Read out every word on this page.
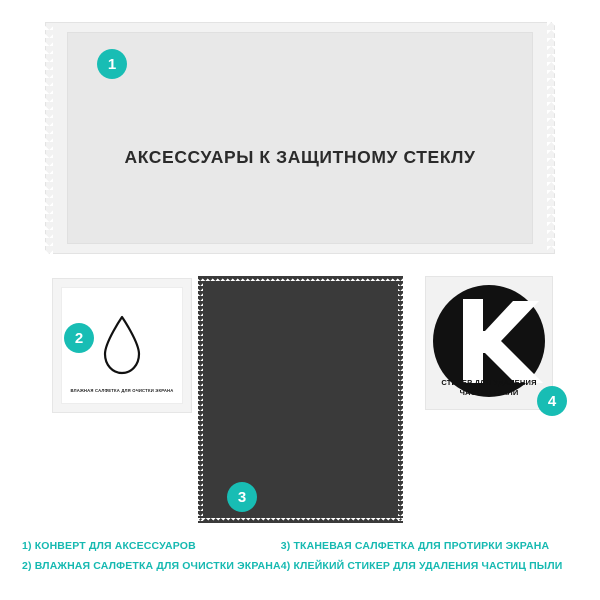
АКСЕССУАРЫ К ЗАЩИТНОМУ СТЕКЛУ
1
ВЛАЖНАЯ САЛФЕТКА ДЛЯ ОЧИСТКИ ЭКРАНА
2
3
СТИКЕР ДЛЯ УДАЛЕНИЯ
ЧАСТИЦ ПЫЛИ
4
1) КОНВЕРТ ДЛЯ АКСЕССУАРОВ
2) ВЛАЖНАЯ САЛФЕТКА ДЛЯ ОЧИСТКИ ЭКРАНА
3) ТКАНЕВАЯ САЛФЕТКА ДЛЯ ПРОТИРКИ ЭКРАНА
4) КЛЕЙКИЙ СТИКЕР ДЛЯ УДАЛЕНИЯ ЧАСТИЦ ПЫЛИ
